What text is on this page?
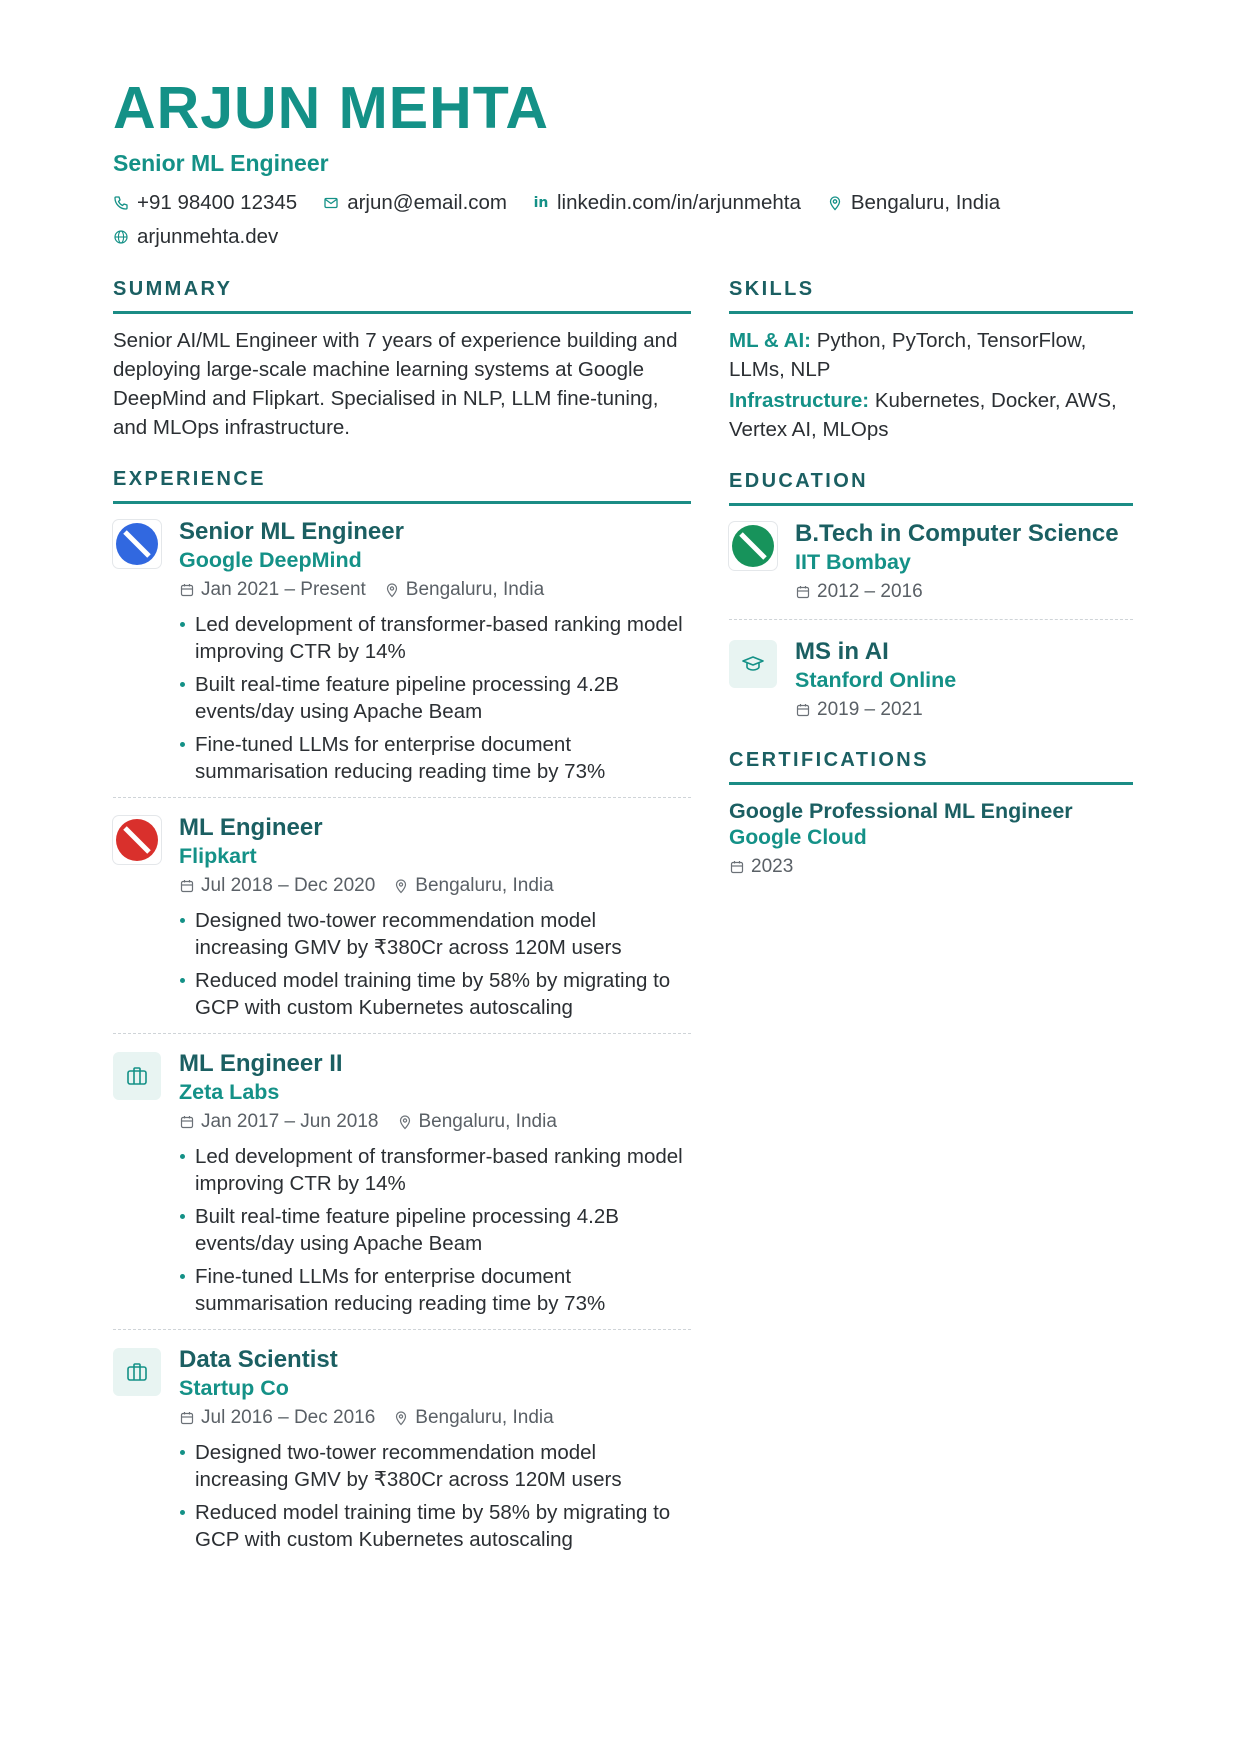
ARJUN MEHTA
Senior ML Engineer
+91 98400 12345 arjun@email.com in linkedin.com/in/arjunmehta Bengaluru, India
arjunmehta.dev
SUMMARY
Senior AI/ML Engineer with 7 years of experience building and deploying large-scale machine learning systems at Google DeepMind and Flipkart. Specialised in NLP, LLM fine-tuning, and MLOps infrastructure.
EXPERIENCE
Senior ML Engineer
Google DeepMind
Jan 2021 – Present Bengaluru, India
Led development of transformer-based ranking model improving CTR by 14%
Built real-time feature pipeline processing 4.2B events/day using Apache Beam
Fine-tuned LLMs for enterprise document summarisation reducing reading time by 73%
ML Engineer
Flipkart
Jul 2018 – Dec 2020 Bengaluru, India
Designed two-tower recommendation model increasing GMV by ₹380Cr across 120M users
Reduced model training time by 58% by migrating to GCP with custom Kubernetes autoscaling
ML Engineer II
Zeta Labs
Jan 2017 – Jun 2018 Bengaluru, India
Led development of transformer-based ranking model improving CTR by 14%
Built real-time feature pipeline processing 4.2B events/day using Apache Beam
Fine-tuned LLMs for enterprise document summarisation reducing reading time by 73%
Data Scientist
Startup Co
Jul 2016 – Dec 2016 Bengaluru, India
Designed two-tower recommendation model increasing GMV by ₹380Cr across 120M users
Reduced model training time by 58% by migrating to GCP with custom Kubernetes autoscaling
SKILLS
ML & AI: Python, PyTorch, TensorFlow, LLMs, NLP
Infrastructure: Kubernetes, Docker, AWS, Vertex AI, MLOps
EDUCATION
B.Tech in Computer Science
IIT Bombay
2012 – 2016
MS in AI
Stanford Online
2019 – 2021
CERTIFICATIONS
Google Professional ML Engineer
Google Cloud
2023
